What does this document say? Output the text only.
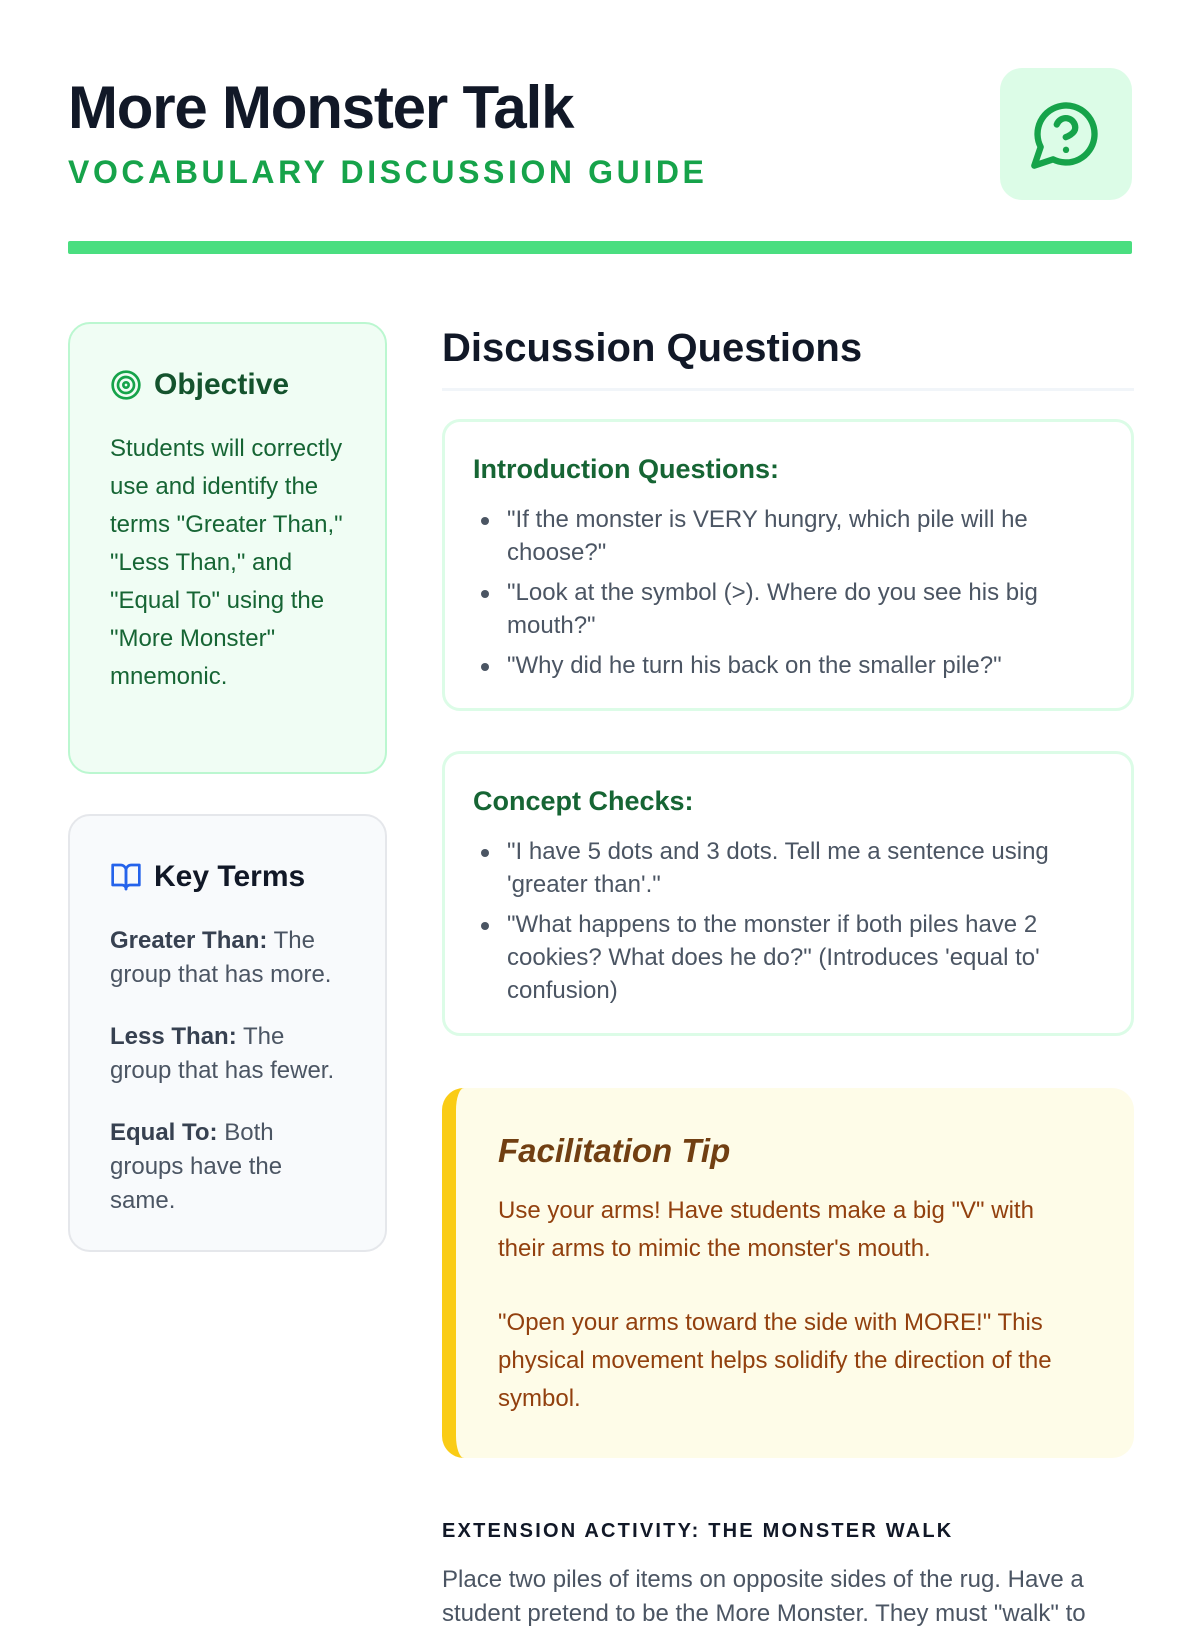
More Monster Talk
VOCABULARY DISCUSSION GUIDE
Objective

Students will correctly use and identify the terms "Greater Than," "Less Than," and "Equal To" using the "More Monster" mnemonic.

Key Terms

Greater Than: The group that has more.

Less Than: The group that has fewer.

Equal To: Both groups have the same.

Discussion Questions
Introduction Questions:
"If the monster is VERY hungry, which pile will he choose?"
"Look at the symbol (>). Where do you see his big mouth?"
"Why did he turn his back on the smaller pile?"
Concept Checks:
"I have 5 dots and 3 dots. Tell me a sentence using 'greater than'."
"What happens to the monster if both piles have 2 cookies? What does he do?" (Introduces 'equal to' confusion)
Facilitation Tip

Use your arms! Have students make a big "V" with their arms to mimic the monster's mouth.

"Open your arms toward the side with MORE!" This physical movement helps solidify the direction of the symbol.

EXTENSION ACTIVITY: THE MONSTER WALK

Place two piles of items on opposite sides of the rug. Have a student pretend to be the More Monster. They must "walk" to
